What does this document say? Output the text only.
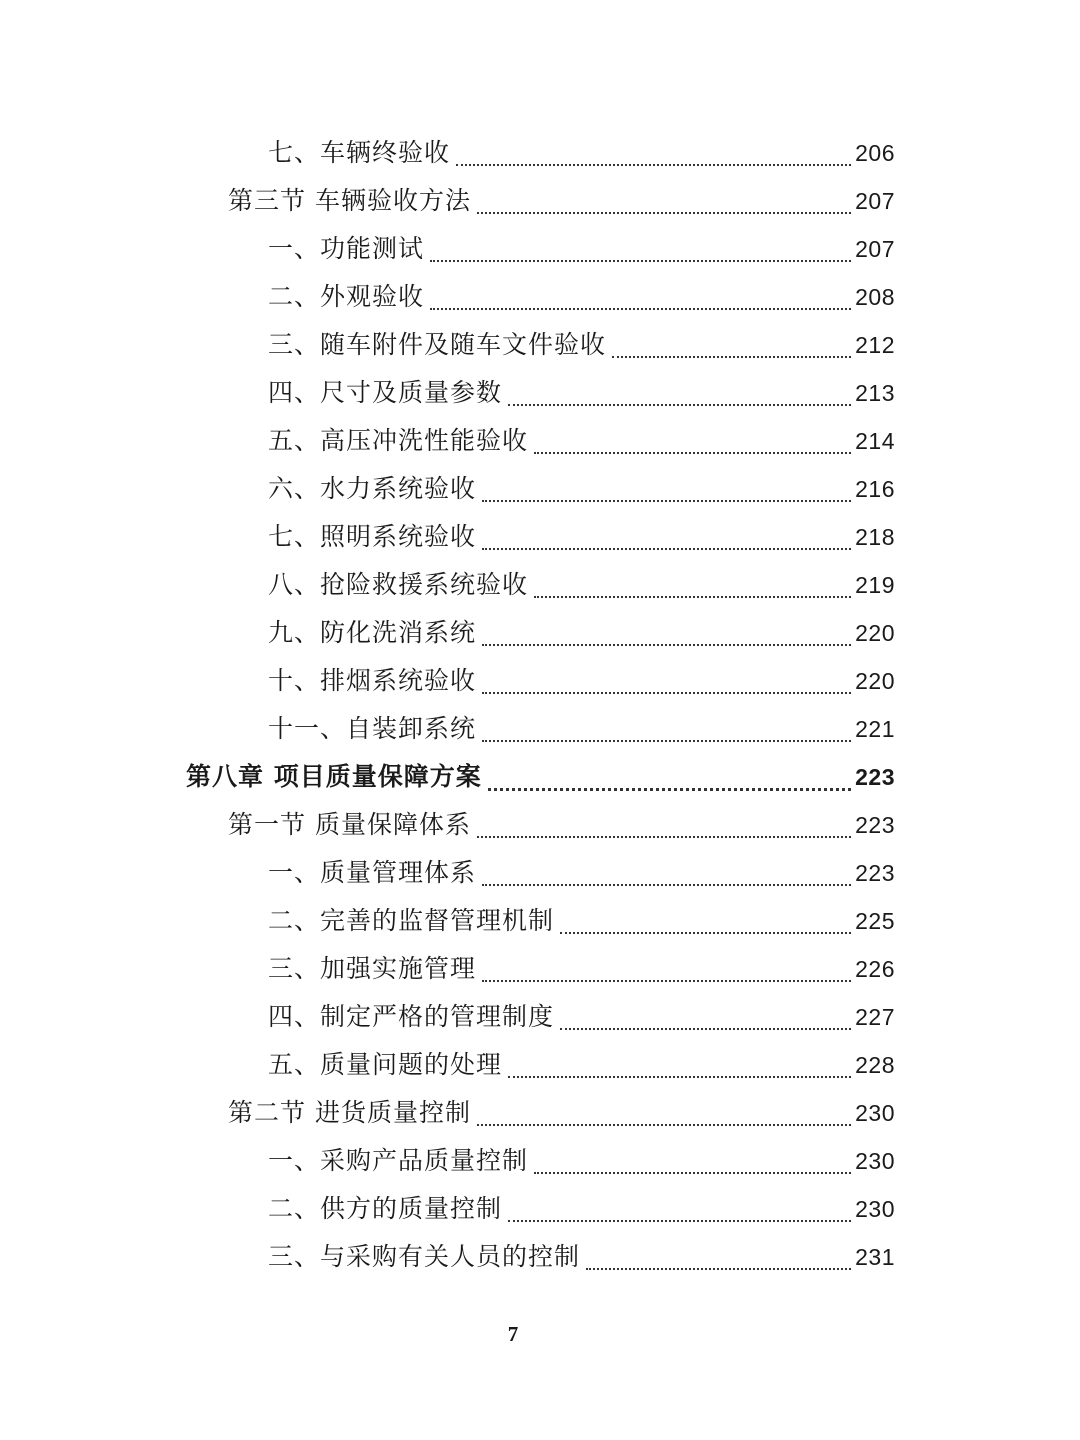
七、车辆终验收	206
第三节 车辆验收方法	207
一、功能测试	207
二、外观验收	208
三、随车附件及随车文件验收	212
四、尺寸及质量参数	213
五、高压冲洗性能验收	214
六、水力系统验收	216
七、照明系统验收	218
八、抢险救援系统验收	219
九、防化洗消系统	220
十、排烟系统验收	220
十一、自装卸系统	221
第八章 项目质量保障方案	223
第一节 质量保障体系	223
一、质量管理体系	223
二、完善的监督管理机制	225
三、加强实施管理	226
四、制定严格的管理制度	227
五、质量问题的处理	228
第二节 进货质量控制	230
一、采购产品质量控制	230
二、供方的质量控制	230
三、与采购有关人员的控制	231
7
